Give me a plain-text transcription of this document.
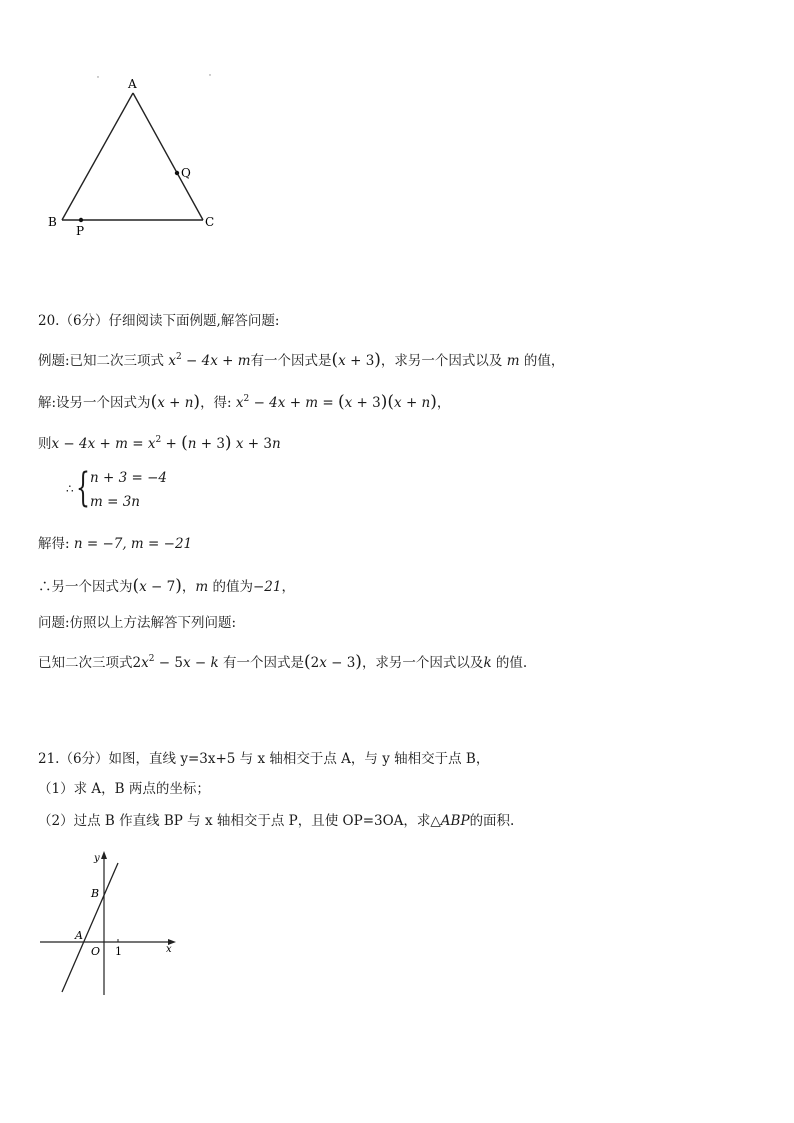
A
B	C
P
Q
20.（6分）仔细阅读下面例题,解答问题:
例题:已知二次三项式 $x^2 - 4x + m$有一个因式是(x + 3)，求另一个因式以及 m 的值，
解:设另一个因式为(x + n)，得: $x^2 - 4x + m = (x + 3)(x + n)$，
则$x - 4x + m = x^2 + (n + 3) x + 3n$
∴ { n + 3 = −4
m = 3n
解得: n = −7, m = −21
∴另一个因式为(x − 7)，m 的值为−21，
问题:仿照以上方法解答下列问题:
已知二次三项式$2x^2 - 5x - k$ 有一个因式是(2x − 3)，求另一个因式以及k 的值.
21.（6分）如图，直线 y=3x+5 与 x 轴相交于点 A，与 y 轴相交于点 B，
（1）求 A，B 两点的坐标；
（2）过点 B 作直线 BP 与 x 轴相交于点 P，且使 OP=3OA，求△ABP的面积.
y
x
B
A
O 1
